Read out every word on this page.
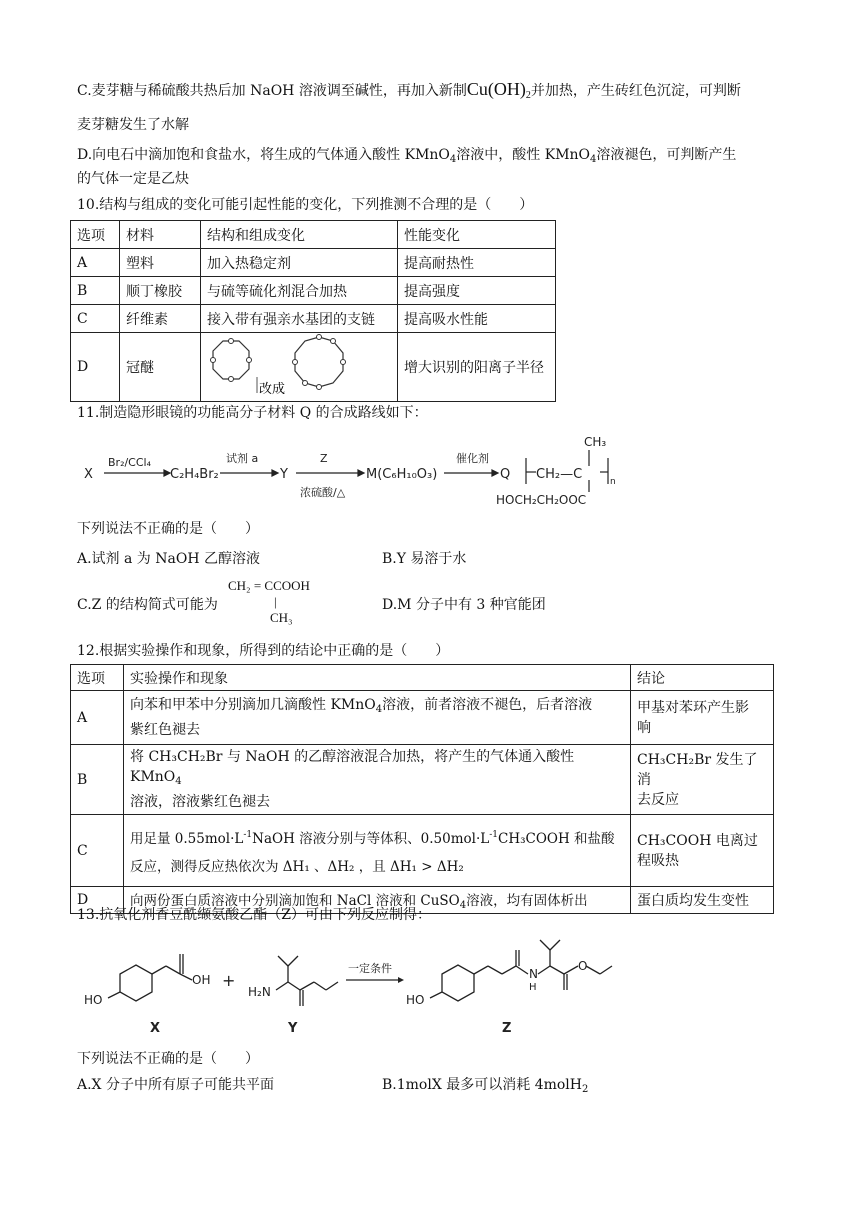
C.麦芽糖与稀硫酸共热后加 NaOH 溶液调至碱性，再加入新制$Cu(OH)_2$并加热，产生砖红色沉淀，可判断
麦芽糖发生了水解
D.向电石中滴加饱和食盐水，将生成的气体通入酸性 KMnO$_4$溶液中，酸性 KMnO$_4$溶液褪色，可判断产生
的气体一定是乙炔
10.结构与组成的变化可能引起性能的变化，下列推测不合理的是（　　）
选项	材料	结构和组成变化	性能变化
A	塑料	加入热稳定剂	提高耐热性
B	顺丁橡胶	与硫等硫化剂混合加热	提高强度
C	纤维素	接入带有强亲水基团的支链	提高吸水性能
D	冠醚	改成	增大识别的阳离子半径
11.制造隐形眼镜的功能高分子材料 Q 的合成路线如下：
X
Br₂/CCl₄
C₂H₄Br₂
试剂 a
Y
Z
浓硫酸/△
M(C₆H₁₀O₃)
催化剂
Q
CH₃
CH₂—C	n
HOCH₂CH₂OOC
下列说法不正确的是（　　）
A.试剂 a 为 NaOH 乙醇溶液	B.Y 易溶于水
C.Z 的结构简式可能为
CH₂ = CCOOH
|
CH₃
D.M 分子中有 3 种官能团
12.根据实验操作和现象，所得到的结论中正确的是（　　）
选项	实验操作和现象	结论
A	向苯和甲苯中分别滴加几滴酸性 KMnO$_4$溶液，前者溶液不褪色，后者溶液
紫红色褪去	甲基对苯环产生影
响
B	将 CH₃CH₂Br 与 NaOH 的乙醇溶液混合加热，将产生的气体通入酸性 KMnO$_4$
溶液，溶液紫红色褪去	CH₃CH₂Br 发生了消
去反应
C	用足量 $0.55mol\cdot L^{-1}NaOH$ 溶液分别与等体积、$0.50mol\cdot L^{-1}CH_3COOH$ 和盐酸
反应，测得反应热依次为 ΔH₁ 、ΔH₂ ，且 ΔH₁ > ΔH₂	CH₃COOH 电离过
程吸热
D	向两份蛋白质溶液中分别滴加饱和 NaCl 溶液和 CuSO$_4$溶液，均有固体析出	蛋白质均发生变性
13.抗氧化剂香豆酰缬氨酸乙酯（Z）可由下列反应制得：
OH
HO
+
H₂N
一定条件
HO
N
H
O
X	Y	Z
下列说法不正确的是（　　）
A.X 分子中所有原子可能共平面	B.1molX 最多可以消耗 4molH$_2$
